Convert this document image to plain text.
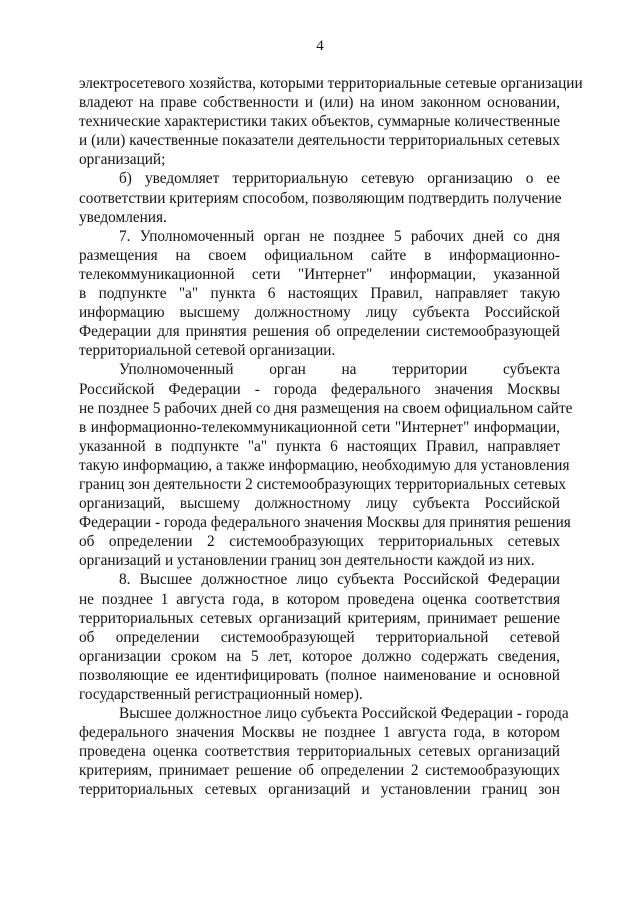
4
электросетевого хозяйства, которыми территориальные сетевые организации
владеют на праве собственности и (или) на ином законном основании,
технические характеристики таких объектов, суммарные количественные
и (или) качественные показатели деятельности территориальных сетевых
организаций;
б) уведомляет территориальную сетевую организацию о ее
соответствии критериям способом, позволяющим подтвердить получение
уведомления.
7. Уполномоченный орган не позднее 5 рабочих дней со дня
размещения на своем официальном сайте в информационно-
телекоммуникационной сети "Интернет" информации, указанной
в подпункте "а" пункта 6 настоящих Правил, направляет такую
информацию высшему должностному лицу субъекта Российской
Федерации для принятия решения об определении системообразующей
территориальной сетевой организации.
Уполномоченный орган на территории субъекта
Российской Федерации - города федерального значения Москвы
не позднее 5 рабочих дней со дня размещения на своем официальном сайте
в информационно-телекоммуникационной сети "Интернет" информации,
указанной в подпункте "а" пункта 6 настоящих Правил, направляет
такую информацию, а также информацию, необходимую для установления
границ зон деятельности 2 системообразующих территориальных сетевых
организаций, высшему должностному лицу субъекта Российской
Федерации - города федерального значения Москвы для принятия решения
об определении 2 системообразующих территориальных сетевых
организаций и установлении границ зон деятельности каждой из них.
8. Высшее должностное лицо субъекта Российской Федерации
не позднее 1 августа года, в котором проведена оценка соответствия
территориальных сетевых организаций критериям, принимает решение
об определении системообразующей территориальной сетевой
организации сроком на 5 лет, которое должно содержать сведения,
позволяющие ее идентифицировать (полное наименование и основной
государственный регистрационный номер).
Высшее должностное лицо субъекта Российской Федерации - города
федерального значения Москвы не позднее 1 августа года, в котором
проведена оценка соответствия территориальных сетевых организаций
критериям, принимает решение об определении 2 системообразующих
территориальных сетевых организаций и установлении границ зон
